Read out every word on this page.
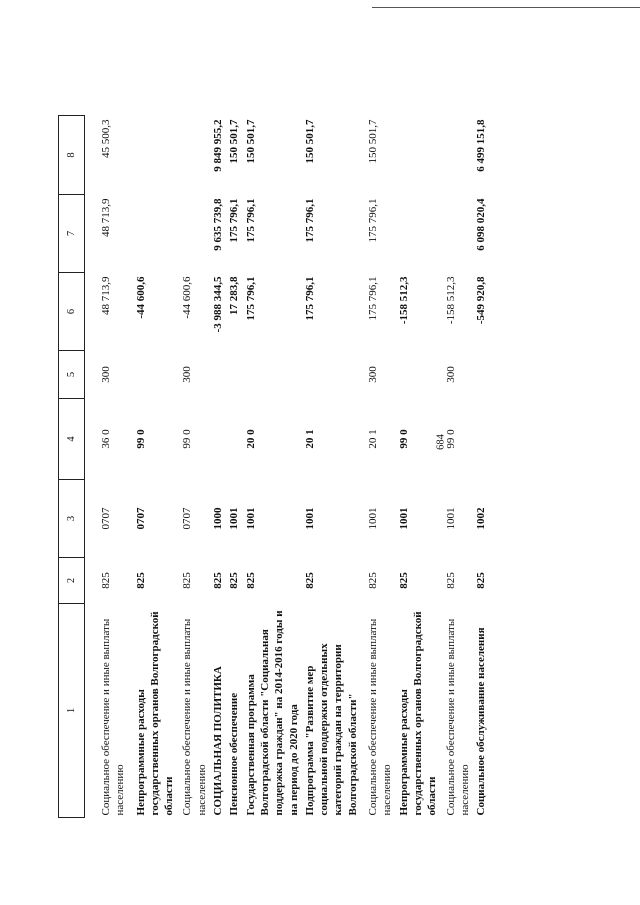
684
1	2	3	4	5	6	7	8
Социальное обеспечение и иные выплаты населению	825	0707	36 0	300	48 713,9	48 713,9	45 500,3
Непрограммные расходы государственных органов Волгоградской области	825	0707	99 0		-44 600,6		
Социальное обеспечение и иные выплаты населению	825	0707	99 0	300	-44 600,6		
СОЦИАЛЬНАЯ ПОЛИТИКА	825	1000			-3 988 344,5	9 635 739,8	9 849 955,2
Пенсионное обеспечение	825	1001			17 283,8	175 796,1	150 501,7
Государственная программа Волгоградской области "Социальная поддержка граждан" на 2014-2016 годы и на период до 2020 года	825	1001	20 0		175 796,1	175 796,1	150 501,7
Подпрограмма "Развитие мер социальной поддержки отдельных категорий граждан на территории Волгоградской области"	825	1001	20 1		175 796,1	175 796,1	150 501,7
Социальное обеспечение и иные выплаты населению	825	1001	20 1	300	175 796,1	175 796,1	150 501,7
Непрограммные расходы государственных органов Волгоградской области	825	1001	99 0		-158 512,3		
Социальное обеспечение и иные выплаты населению	825	1001	99 0	300	-158 512,3		
Социальное обслуживание населения	825	1002			-549 920,8	6 098 020,4	6 499 151,8
